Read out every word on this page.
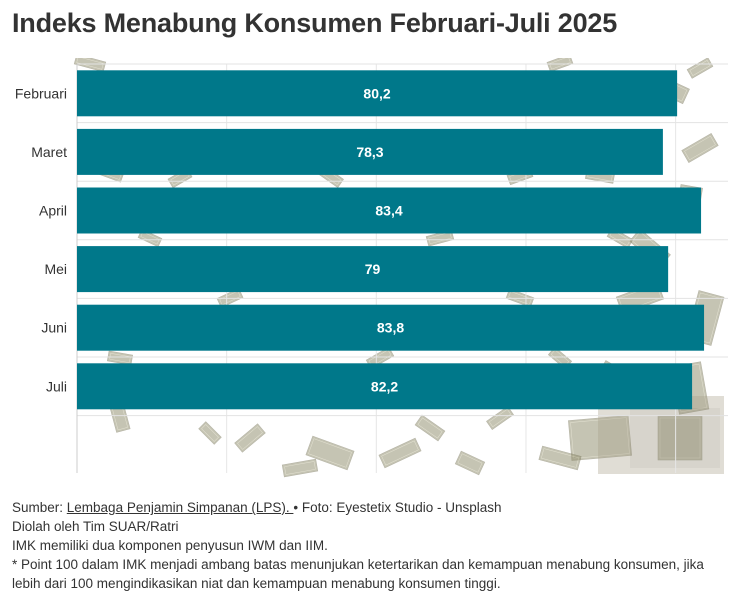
Indeks Menabung Konsumen Februari-Juli 2025
Februari
Maret
April
Mei
Juni
Juli
80,2
78,3
83,4
79
83,8
82,2
Sumber: Lembaga Penjamin Simpanan (LPS). • Foto: Eyestetix Studio - Unsplash
Diolah oleh Tim SUAR/Ratri
IMK memiliki dua komponen penyusun IWM dan IIM.
* Point 100 dalam IMK menjadi ambang batas menunjukan ketertarikan dan kemampuan menabung konsumen, jika lebih dari 100 mengindikasikan niat dan kemampuan menabung konsumen tinggi.
